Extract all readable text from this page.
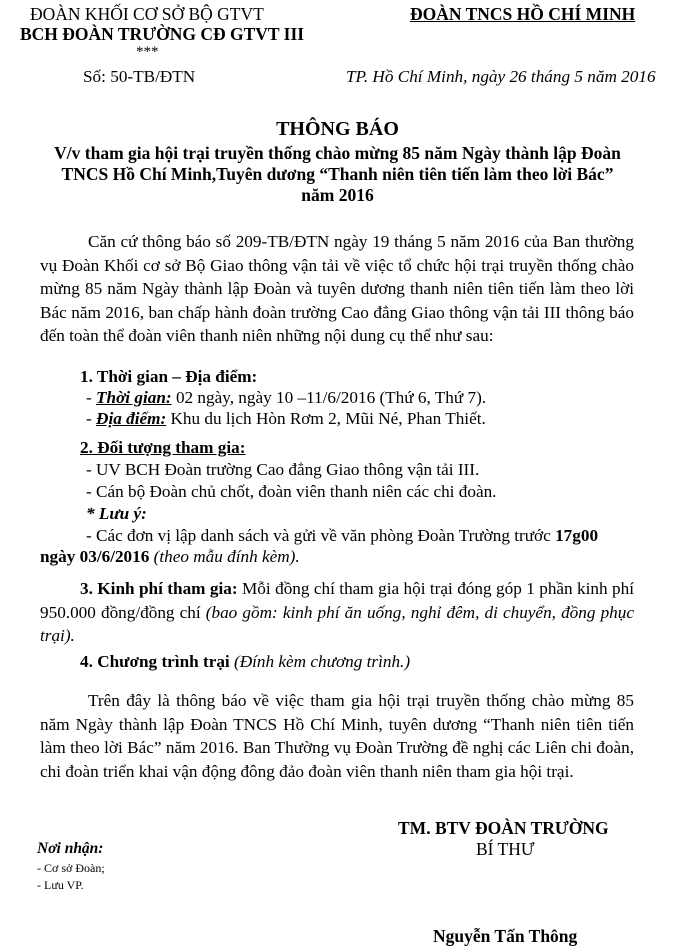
ĐOÀN KHỐI CƠ SỞ BỘ GTVT
BCH ĐOÀN TRƯỜNG CĐ GTVT III
***
ĐOÀN TNCS HỒ CHÍ MINH
Số: 50-TB/ĐTN	TP. Hồ Chí Minh, ngày 26 tháng 5 năm 2016
THÔNG BÁO
V/v tham gia hội trại truyền thống chào mừng 85 năm Ngày thành lập Đoàn
TNCS Hồ Chí Minh,Tuyên dương “Thanh niên tiên tiến làm theo lời Bác”
năm 2016
Căn cứ thông báo số 209-TB/ĐTN ngày 19 tháng 5 năm 2016 của Ban thường vụ Đoàn Khối cơ sở Bộ Giao thông vận tải về việc tổ chức hội trại truyền thống chào mừng 85 năm Ngày thành lập Đoàn và tuyên dương thanh niên tiên tiến làm theo lời Bác năm 2016, ban chấp hành đoàn trường Cao đẳng Giao thông vận tải III thông báo đến toàn thể đoàn viên thanh niên những nội dung cụ thể như sau:
1. Thời gian – Địa điểm:
- Thời gian: 02 ngày, ngày 10 –11/6/2016 (Thứ 6, Thứ 7).
- Địa điểm: Khu du lịch Hòn Rơm 2, Mũi Né, Phan Thiết.
2. Đối tượng tham gia:
- UV BCH Đoàn trường Cao đẳng Giao thông vận tải III.
- Cán bộ Đoàn chủ chốt, đoàn viên thanh niên các chi đoàn.
* Lưu ý:
- Các đơn vị lập danh sách và gửi về văn phòng Đoàn Trường trước 17g00
ngày 03/6/2016 (theo mẫu đính kèm).
3. Kinh phí tham gia: Mỗi đồng chí tham gia hội trại đóng góp 1 phần kinh phí 950.000 đồng/đồng chí (bao gồm: kinh phí ăn uống, nghỉ đêm, di chuyển, đồng phục trại).
4. Chương trình trại (Đính kèm chương trình.)
Trên đây là thông báo về việc tham gia hội trại truyền thống chào mừng 85 năm Ngày thành lập Đoàn TNCS Hồ Chí Minh, tuyên dương “Thanh niên tiên tiến làm theo lời Bác” năm 2016. Ban Thường vụ Đoàn Trường đề nghị các Liên chi đoàn, chi đoàn triển khai vận động đông đảo đoàn viên thanh niên tham gia hội trại.
TM. BTV ĐOÀN TRƯỜNG
BÍ THƯ
Nguyễn Tấn Thông
Nơi nhận:
- Cơ sở Đoàn;
- Lưu VP.
